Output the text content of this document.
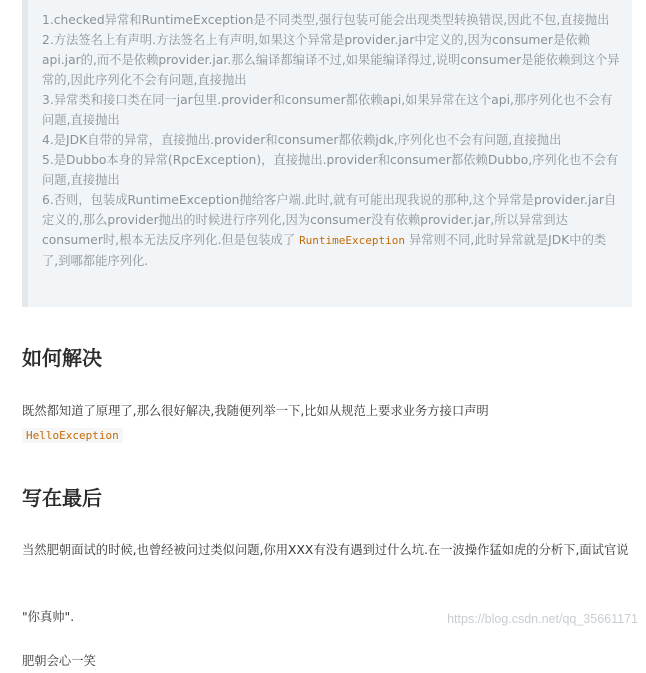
1.checked异常和RuntimeException是不同类型,强行包装可能会出现类型转换错误,因此不包,直接抛出

2.方法签名上有声明.方法签名上有声明,如果这个异常是provider.jar中定义的,因为consumer是依赖api.jar的,而不是依赖provider.jar.那么编译都编译不过,如果能编译得过,说明consumer是能依赖到这个异常的,因此序列化不会有问题,直接抛出

3.异常类和接口类在同一jar包里.provider和consumer都依赖api,如果异常在这个api,那序列化也不会有问题,直接抛出

4.是JDK自带的异常，直接抛出.provider和consumer都依赖jdk,序列化也不会有问题,直接抛出

5.是Dubbo本身的异常(RpcException)，直接抛出.provider和consumer都依赖Dubbo,序列化也不会有问题,直接抛出

6.否则，包装成RuntimeException抛给客户端.此时,就有可能出现我说的那种,这个异常是provider.jar自定义的,那么provider抛出的时候进行序列化,因为consumer没有依赖provider.jar,所以异常到达consumer时,根本无法反序列化.但是包装成了 RuntimeException 异常则不同,此时异常就是JDK中的类了,到哪都能序列化.

如何解决

既然都知道了原理了,那么很好解决,我随便列举一下,比如从规范上要求业务方接口声明
HelloException

写在最后

当然肥朝面试的时候,也曾经被问过类似问题,你用XXX有没有遇到过什么坑.在一波操作猛如虎的分析下,面试官说

"你真帅".

肥朝会心一笑

https://blog.csdn.net/qq_35661171
